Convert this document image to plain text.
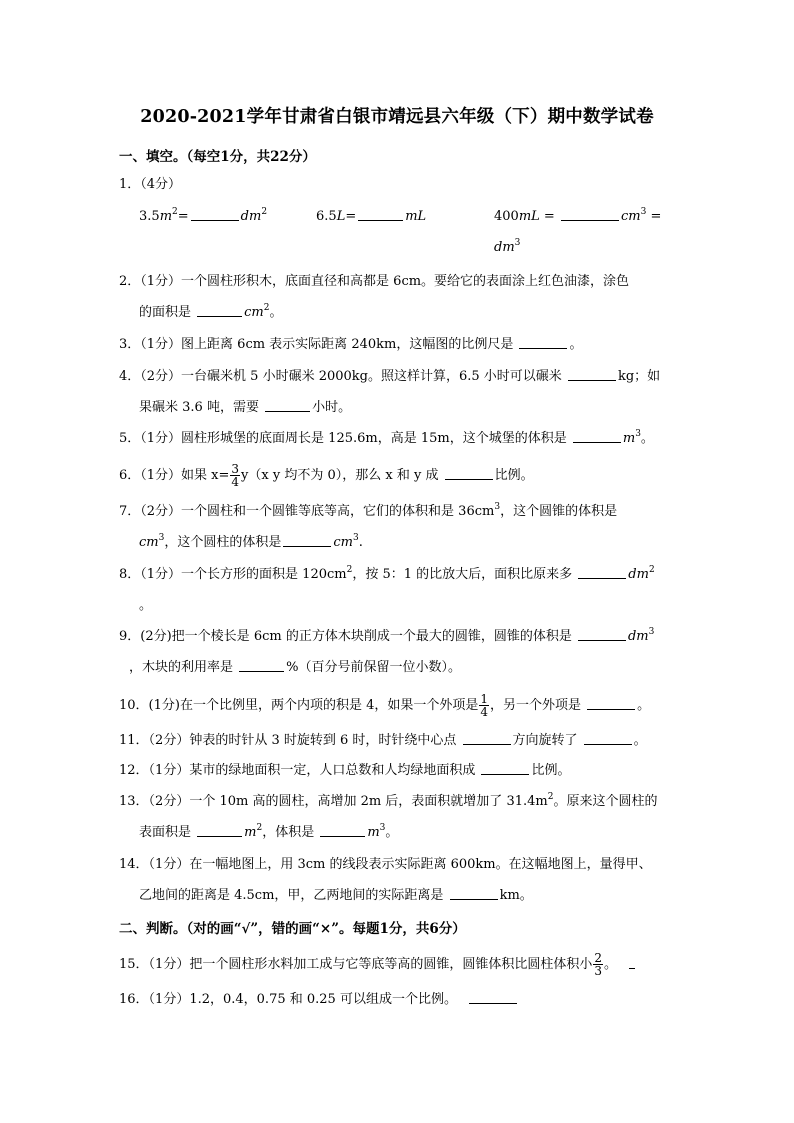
2020-2021学年甘肃省白银市靖远县六年级（下）期中数学试卷
一、填空。（每空1分，共22分）
1．（4分）
$3.5m^2=$	$dm^2$	6.5L=	mL	400mL =	$cm^3$ =
$dm^3$
2．（1分）一个圆柱形积木，底面直径和高都是 6cm。要给它的表面涂上红色油漆，涂色
的面积是	$cm^2$。
3．（1分）图上距离 6cm 表示实际距离 240km，这幅图的比例尺是	。
4．（2分）一台碾米机 5 小时碾米 2000kg。照这样计算，6.5 小时可以碾米	kg；如
果碾米 3.6 吨，需要	小时。
5．（1分）圆柱形城堡的底面周长是 125.6m，高是 15m，这个城堡的体积是	$m^3$。
6．（1分）如果 $x= \frac{3}{4} y(x$ y 均不为 0），那么 x 和 y 成	比例。
7．（2分）一个圆柱和一个圆锥等底等高，它们的体积和是 $36cm^3$，这个圆锥的体积是
$cm^3$，这个圆柱的体积是	$cm^3$.
8．（1分）一个长方形的面积是 $120cm^2$，按 5：1 的比放大后，面积比原来多	$dm^2$
。
9．(2分)把一个棱长是 6cm 的正方体木块削成一个最大的圆锥，圆锥的体积是	$dm^3$
，木块的利用率是	%（百分号前保留一位小数）。
10．(1分)在一个比例里，两个内项的积是 4，如果一个外项是 $\frac{1}{4}$ ，另一个外项是	。
11．（2分）钟表的时针从 3 时旋转到 6 时，时针绕中心点	方向旋转了	。
12．（1分）某市的绿地面积一定，人口总数和人均绿地面积成	比例。
13．（2分）一个 10m 高的圆柱，高增加 2m 后，表面积就增加了 $31.4m^2$。原来这个圆柱的
表面积是	$m^2$，体积是	$m^3$。
14．（1分）在一幅地图上，用 3cm 的线段表示实际距离 600km。在这幅地图上，量得甲、
乙地间的距离是 4.5cm，甲，乙两地间的实际距离是	km。
二、判断。（对的画“√”，错的画“×”。每题1分，共6分）
15．（1分）把一个圆柱形水料加工成与它等底等高的圆锥，圆锥体积比圆柱体积小 $\frac{2}{3}$ 。
16．（1分）1.2，0.4，0.75 和 0.25 可以组成一个比例。
